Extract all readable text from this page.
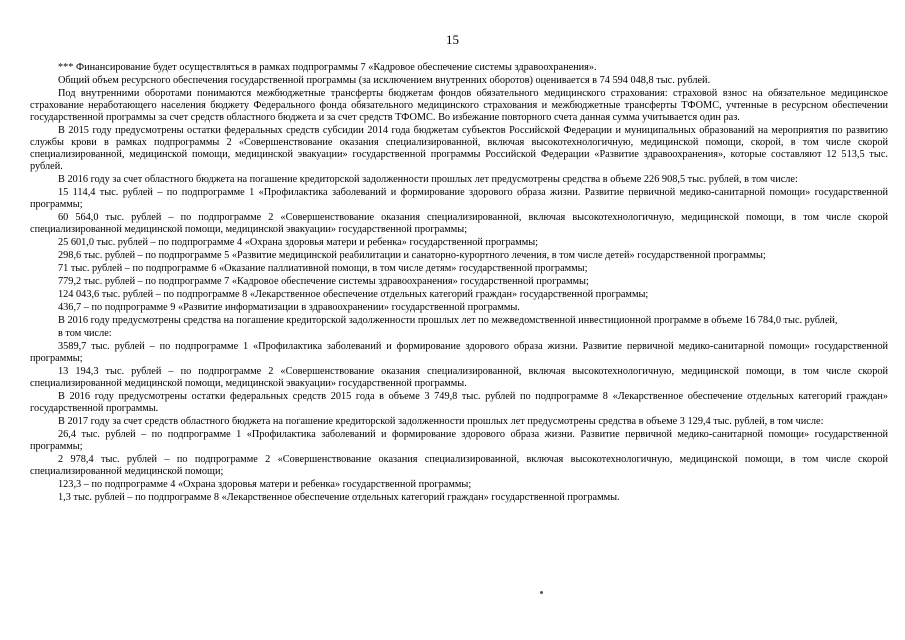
15

*** Финансирование будет осуществляться в рамках подпрограммы 7 «Кадровое обеспечение системы здравоохранения».

Общий объем ресурсного обеспечения государственной программы (за исключением внутренних оборотов) оценивается в 74 594 048,8 тыс. рублей.

Под внутренними оборотами понимаются межбюджетные трансферты бюджетам фондов обязательного медицинского страхования: страховой взнос на обязательное медицинское страхование неработающего населения бюджету Федерального фонда обязательного медицинского страхования и межбюджетные трансферты ТФОМС, учтенные в ресурсном обеспечении государственной программы за счет средств областного бюджета и за счет средств ТФОМС. Во избежание повторного счета данная сумма учитывается один раз.

В 2015 году предусмотрены остатки федеральных средств субсидии 2014 года бюджетам субъектов Российской Федерации и муниципальных образований на мероприятия по развитию службы крови в рамках подпрограммы 2 «Совершенствование оказания специализированной, включая высокотехнологичную, медицинской помощи, скорой, в том числе скорой специализированной, медицинской помощи, медицинской эвакуации» государственной программы Российской Федерации «Развитие здравоохранения», которые составляют 12 513,5 тыс. рублей.

В 2016 году за счет областного бюджета на погашение кредиторской задолженности прошлых лет предусмотрены средства в объеме 226 908,5 тыс. рублей, в том числе:

15 114,4 тыс. рублей – по подпрограмме 1 «Профилактика заболеваний и формирование здорового образа жизни. Развитие первичной медико-санитарной помощи» государственной программы;

60 564,0 тыс. рублей – по подпрограмме 2 «Совершенствование оказания специализированной, включая высокотехнологичную, медицинской помощи, в том числе скорой специализированной медицинской помощи, медицинской эвакуации» государственной программы;

25 601,0 тыс. рублей – по подпрограмме 4 «Охрана здоровья матери и ребенка» государственной программы;

298,6 тыс. рублей – по подпрограмме 5 «Развитие медицинской реабилитации и санаторно-курортного лечения, в том числе детей» государственной программы;

71 тыс. рублей – по подпрограмме 6 «Оказание паллиативной помощи, в том числе детям» государственной программы;

779,2 тыс. рублей – по подпрограмме 7 «Кадровое обеспечение системы здравоохранения» государственной программы;

124 043,6 тыс. рублей – по подпрограмме 8 «Лекарственное обеспечение отдельных категорий граждан» государственной программы;

436,7 – по подпрограмме 9 «Развитие информатизации в здравоохранении» государственной программы.

В 2016 году предусмотрены средства на погашение кредиторской задолженности прошлых лет по межведомственной инвестиционной программе в объеме 16 784,0 тыс. рублей,

в том числе:

3589,7 тыс. рублей – по подпрограмме 1 «Профилактика заболеваний и формирование здорового образа жизни. Развитие первичной медико-санитарной помощи» государственной программы;

13 194,3 тыс. рублей – по подпрограмме 2 «Совершенствование оказания специализированной, включая высокотехнологичную, медицинской помощи, в том числе скорой специализированной медицинской помощи, медицинской эвакуации» государственной программы.

В 2016 году предусмотрены остатки федеральных средств 2015 года в объеме 3 749,8 тыс. рублей по подпрограмме 8 «Лекарственное обеспечение отдельных категорий граждан» государственной программы.

В 2017 году за счет средств областного бюджета на погашение кредиторской задолженности прошлых лет предусмотрены средства в объеме 3 129,4 тыс. рублей, в том числе:

26,4 тыс. рублей – по подпрограмме 1 «Профилактика заболеваний и формирование здорового образа жизни. Развитие первичной медико-санитарной помощи» государственной программы;

2 978,4 тыс. рублей – по подпрограмме 2 «Совершенствование оказания специализированной, включая высокотехнологичную, медицинской помощи, в том числе скорой специализированной медицинской помощи;

123,3 – по подпрограмме 4 «Охрана здоровья матери и ребенка» государственной программы;

1,3 тыс. рублей – по подпрограмме 8 «Лекарственное обеспечение отдельных категорий граждан» государственной программы.
